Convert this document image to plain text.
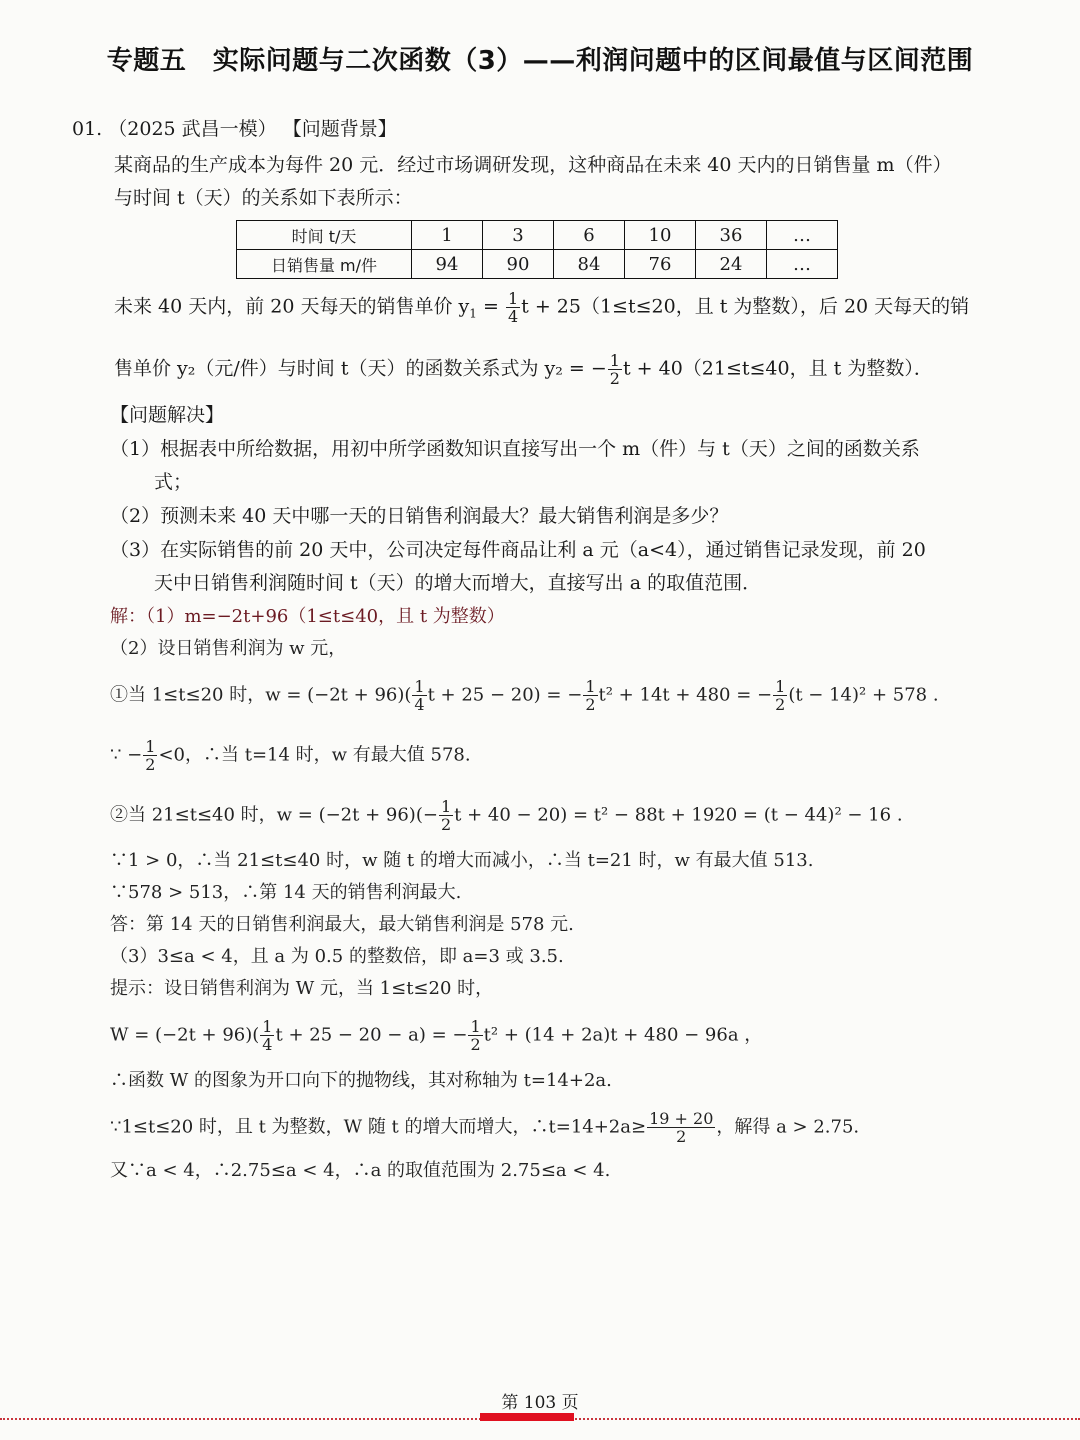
专题五　实际问题与二次函数（3）——利润问题中的区间最值与区间范围
01. （2025 武昌一模） 【问题背景】
某商品的生产成本为每件 20 元．经过市场调研发现，这种商品在未来 40 天内的日销售量 m（件）
与时间 t（天）的关系如下表所示：
时间 t/天	1	3	6	10	36	…
日销售量 m/件	94	90	84	76	24	…
未来 40 天内，前 20 天每天的销售单价 $y_1 = \frac{1}{4}$ t + 25（1≤t≤20，且 t 为整数），后 20 天每天的销
售单价 y₂（元/件）与时间 t（天）的函数关系式为 y₂ = − $\frac{1}{2}$ t + 40（21≤t≤40，且 t 为整数）．
【问题解决】
（1）根据表中所给数据，用初中所学函数知识直接写出一个 m（件）与 t（天）之间的函数关系
式；
（2）预测未来 40 天中哪一天的日销售利润最大？最大销售利润是多少？
（3）在实际销售的前 20 天中，公司决定每件商品让利 a 元（a<4），通过销售记录发现，前 20
天中日销售利润随时间 t（天）的增大而增大，直接写出 a 的取值范围．
解：（1）m=−2t+96（1≤t≤40，且 t 为整数）
（2）设日销售利润为 w 元，
①当 1≤t≤20 时，$w = (-2t + 96)( \frac{1}{4}$ t + 25 − 20) = − $\frac{1}{2} t^2 + 14t + 480$ = − $\frac{1}{2} (t - 14)^2 + 578$ .
∵ − $\frac{1}{2} <0$，∴当 t=14 时，w 有最大值 578.
②当 21≤t≤40 时，$w = (-2t + 96)(- \frac{1}{2}$ t + 40 − 20) = t² − 88t + 1920 = (t − 44)² − 16 .
∵1 > 0，∴当 21≤t≤40 时，w 随 t 的增大而减小，∴当 t=21 时，w 有最大值 513.
∵578 > 513，∴第 14 天的销售利润最大.
答：第 14 天的日销售利润最大，最大销售利润是 578 元.
（3）3≤a < 4，且 a 为 0.5 的整数倍，即 a=3 或 3.5.
提示：设日销售利润为 W 元，当 1≤t≤20 时，
$W = (-2t + 96)( \frac{1}{4}$ t + 25 − 20 − a) = − $\frac{1}{2} t^2 + (14 + 2a)t + 480 - 96a$ ，
∴函数 W 的图象为开口向下的抛物线，其对称轴为 t=14+2a.
∵1≤t≤20 时，且 t 为整数，W 随 t 的增大而增大，∴t=14+2a≥ $\frac{19 + 20}{2}$ ，解得 a > 2.75.
又∵a < 4，∴2.75≤a < 4，∴a 的取值范围为 2.75≤a < 4.
第 103 页
